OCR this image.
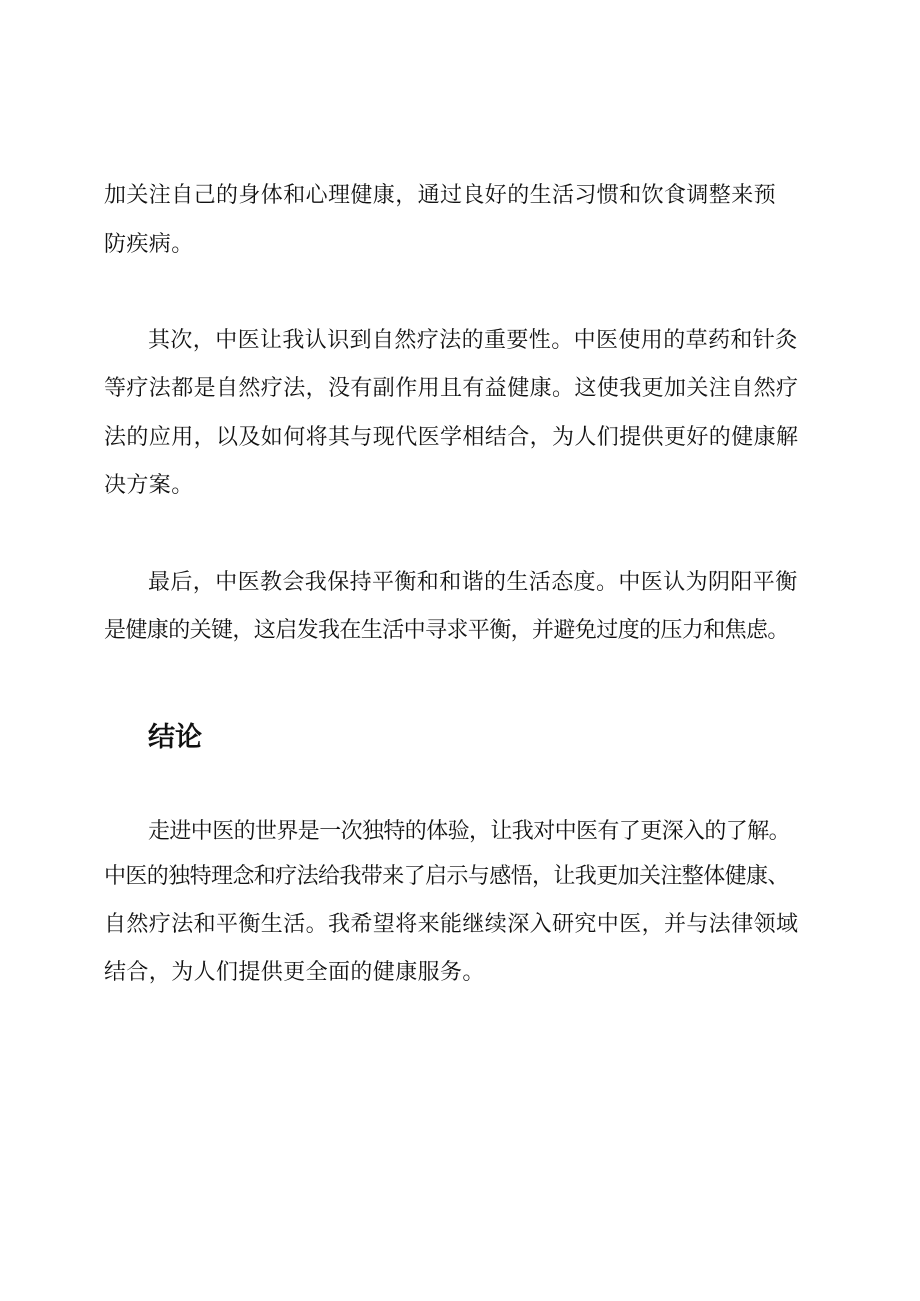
加关注自己的身体和心理健康，通过良好的生活习惯和饮食调整来预

防疾病。

其次，中医让我认识到自然疗法的重要性。中医使用的草药和针灸

等疗法都是自然疗法，没有副作用且有益健康。这使我更加关注自然疗

法的应用，以及如何将其与现代医学相结合，为人们提供更好的健康解

决方案。

最后，中医教会我保持平衡和和谐的生活态度。中医认为阴阳平衡

是健康的关键，这启发我在生活中寻求平衡，并避免过度的压力和焦虑。

结论

走进中医的世界是一次独特的体验，让我对中医有了更深入的了解。

中医的独特理念和疗法给我带来了启示与感悟，让我更加关注整体健康、

自然疗法和平衡生活。我希望将来能继续深入研究中医，并与法律领域

结合，为人们提供更全面的健康服务。
